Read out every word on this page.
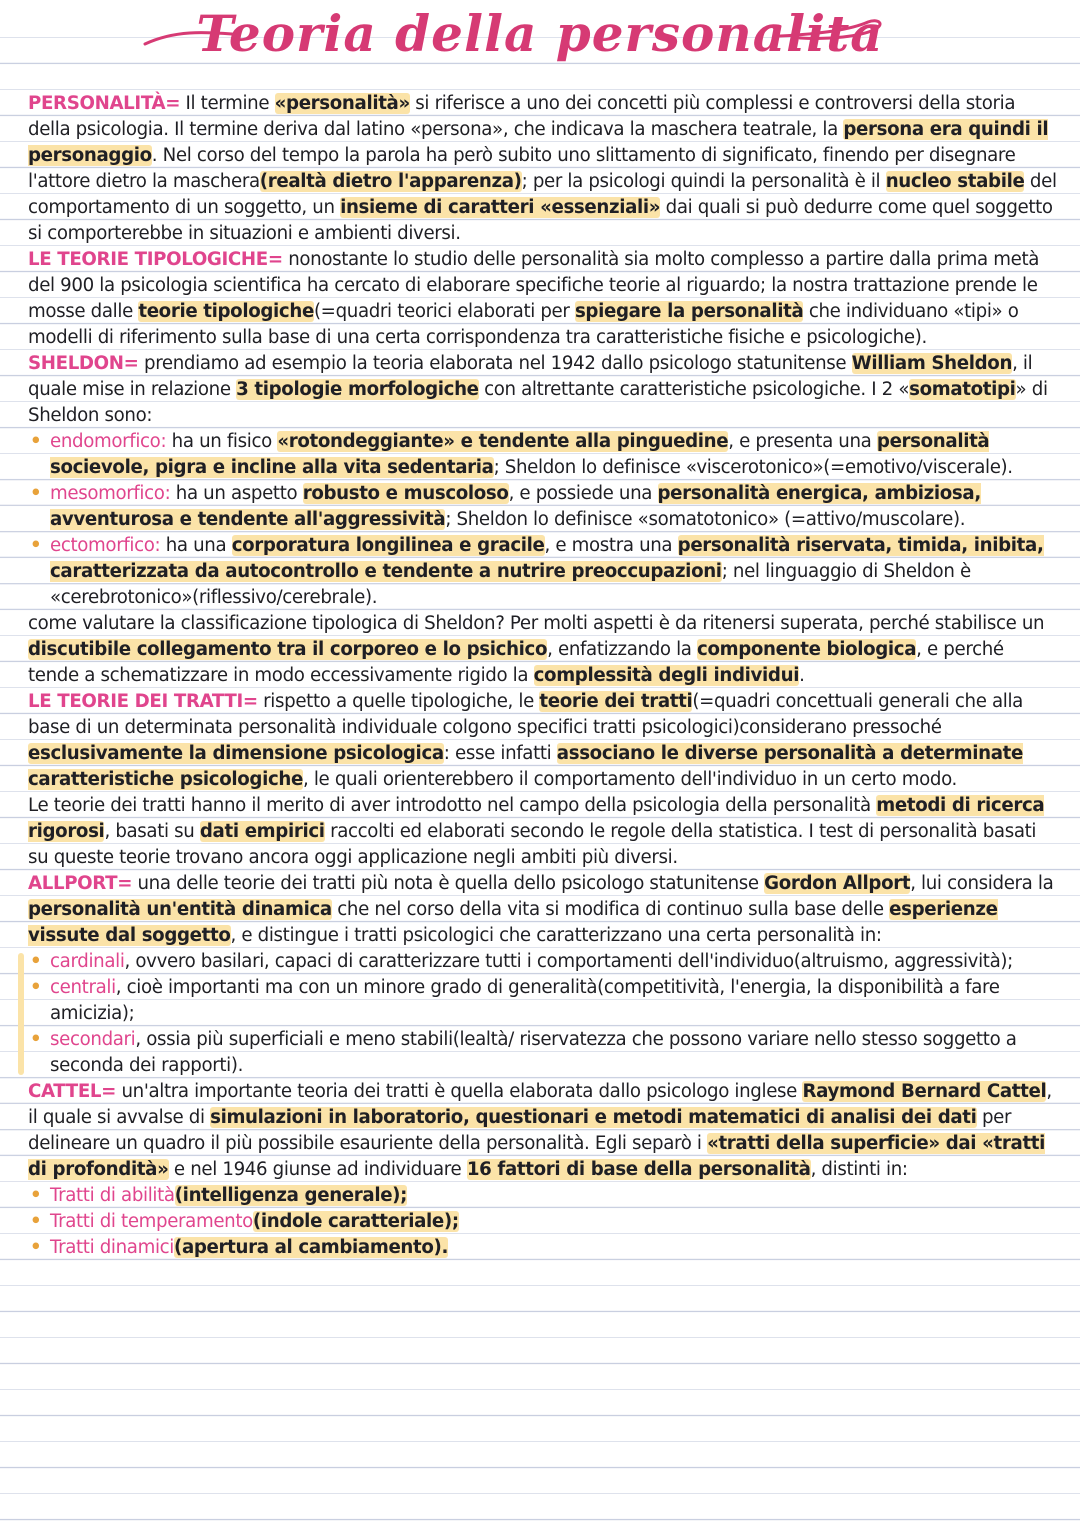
Teoria della personalita

PERSONALITÀ= Il termine «personalità» si riferisce a uno dei concetti più complessi e controversi della storia della psicologia. Il termine deriva dal latino «persona», che indicava la maschera teatrale, la persona era quindi il personaggio. Nel corso del tempo la parola ha però subito uno slittamento di significato, finendo per disegnare l'attore dietro la maschera(realtà dietro l'apparenza); per la psicologi quindi la personalità è il nucleo stabile del comportamento di un soggetto, un insieme di caratteri «essenziali» dai quali si può dedurre come quel soggetto si comporterebbe in situazioni e ambienti diversi.

LE TEORIE TIPOLOGICHE= nonostante lo studio delle personalità sia molto complesso a partire dalla prima metà del 900 la psicologia scientifica ha cercato di elaborare specifiche teorie al riguardo; la nostra trattazione prende le mosse dalle teorie tipologiche(=quadri teorici elaborati per spiegare la personalità che individuano «tipi» o modelli di riferimento sulla base di una certa corrispondenza tra caratteristiche fisiche e psicologiche).

SHELDON= prendiamo ad esempio la teoria elaborata nel 1942 dallo psicologo statunitense William Sheldon, il quale mise in relazione 3 tipologie morfologiche con altrettante caratteristiche psicologiche. I 2 «somatotipi» di Sheldon sono:

• endomorfico: ha un fisico «rotondeggiante» e tendente alla pinguedine, e presenta una personalità socievole, pigra e incline alla vita sedentaria; Sheldon lo definisce «viscerotonico»(=emotivo/viscerale).
• mesomorfico: ha un aspetto robusto e muscoloso, e possiede una personalità energica, ambiziosa, avventurosa e tendente all'aggressività; Sheldon lo definisce «somatotonico» (=attivo/muscolare).
• ectomorfico: ha una corporatura longilinea e gracile, e mostra una personalità riservata, timida, inibita, caratterizzata da autocontrollo e tendente a nutrire preoccupazioni; nel linguaggio di Sheldon è «cerebrotonico»(riflessivo/cerebrale).

come valutare la classificazione tipologica di Sheldon? Per molti aspetti è da ritenersi superata, perché stabilisce un discutibile collegamento tra il corporeo e lo psichico, enfatizzando la componente biologica, e perché tende a schematizzare in modo eccessivamente rigido la complessità degli individui.

LE TEORIE DEI TRATTI= rispetto a quelle tipologiche, le teorie dei tratti(=quadri concettuali generali che alla base di un determinata personalità individuale colgono specifici tratti psicologici)considerano pressoché esclusivamente la dimensione psicologica: esse infatti associano le diverse personalità a determinate caratteristiche psicologiche, le quali orienterebbero il comportamento dell'individuo in un certo modo.

Le teorie dei tratti hanno il merito di aver introdotto nel campo della psicologia della personalità metodi di ricerca rigorosi, basati su dati empirici raccolti ed elaborati secondo le regole della statistica. I test di personalità basati su queste teorie trovano ancora oggi applicazione negli ambiti più diversi.

ALLPORT= una delle teorie dei tratti più nota è quella dello psicologo statunitense Gordon Allport, lui considera la personalità un'entità dinamica che nel corso della vita si modifica di continuo sulla base delle esperienze vissute dal soggetto, e distingue i tratti psicologici che caratterizzano una certa personalità in:

• cardinali, ovvero basilari, capaci di caratterizzare tutti i comportamenti dell'individuo(altruismo, aggressività);
• centrali, cioè importanti ma con un minore grado di generalità(competitività, l'energia, la disponibilità a fare amicizia);
• secondari, ossia più superficiali e meno stabili(lealtà/ riservatezza che possono variare nello stesso soggetto a seconda dei rapporti).

CATTEL= un'altra importante teoria dei tratti è quella elaborata dallo psicologo inglese Raymond Bernard Cattel, il quale si avvalse di simulazioni in laboratorio, questionari e metodi matematici di analisi dei dati per delineare un quadro il più possibile esauriente della personalità. Egli separò i «tratti della superficie» dai «tratti di profondità» e nel 1946 giunse ad individuare 16 fattori di base della personalità, distinti in:

• Tratti di abilità(intelligenza generale);
• Tratti di temperamento(indole caratteriale);
• Tratti dinamici(apertura al cambiamento).
